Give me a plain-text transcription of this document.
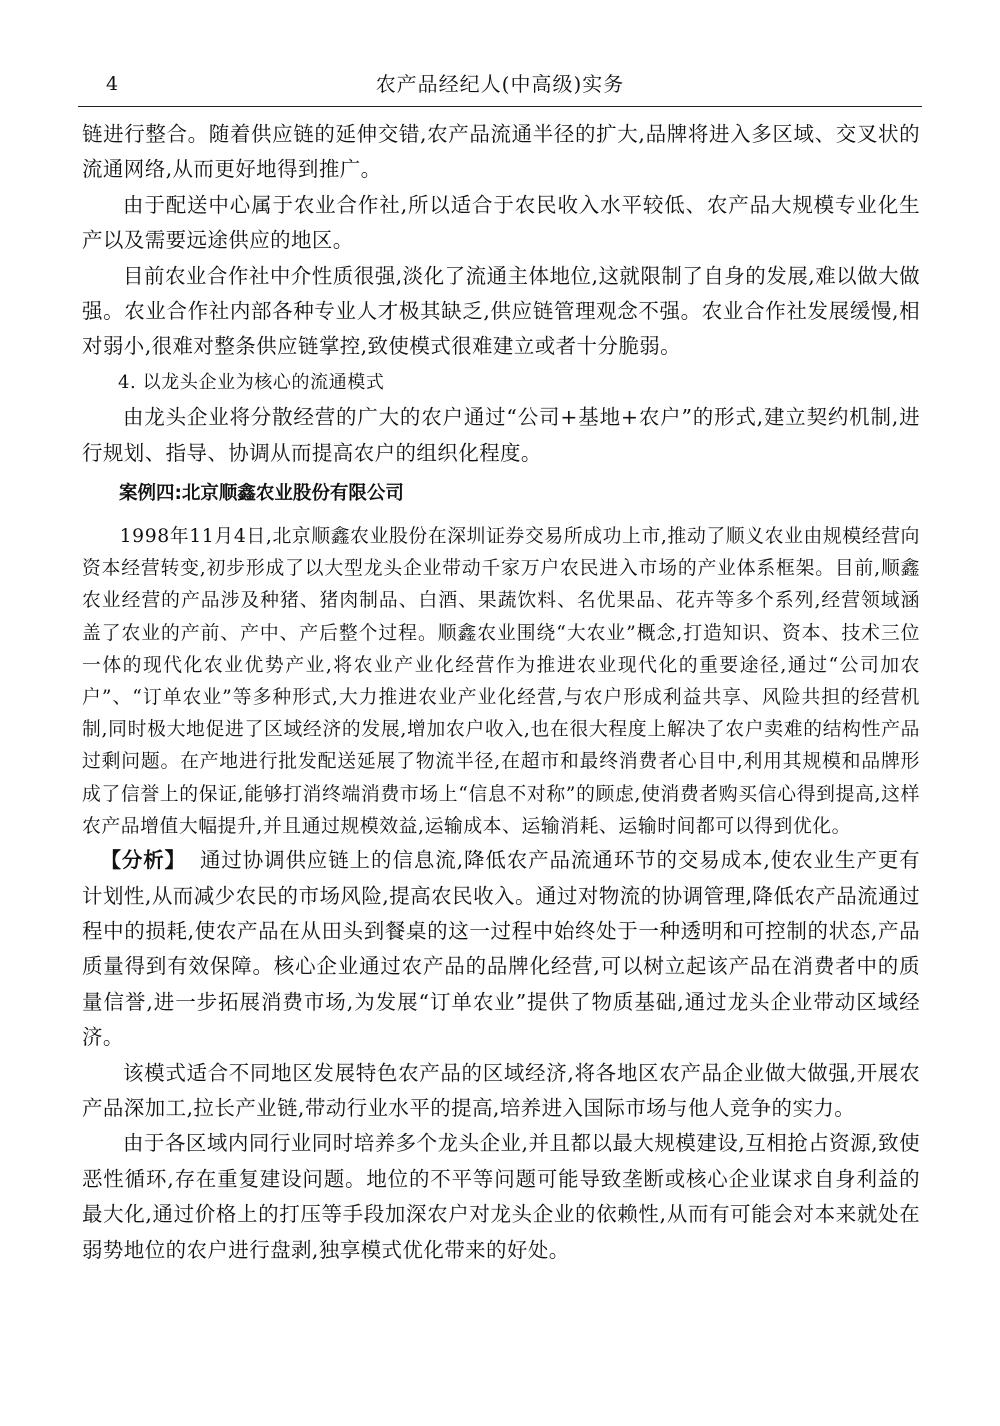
4	农产品经纪人(中高级)实务

链进行整合。随着供应链的延伸交错,农产品流通半径的扩大,品牌将进入多区域、交叉状的流通网络,从而更好地得到推广。

由于配送中心属于农业合作社,所以适合于农民收入水平较低、农产品大规模专业化生产以及需要远途供应的地区。

目前农业合作社中介性质很强,淡化了流通主体地位,这就限制了自身的发展,难以做大做强。农业合作社内部各种专业人才极其缺乏,供应链管理观念不强。农业合作社发展缓慢,相对弱小,很难对整条供应链掌控,致使模式很难建立或者十分脆弱。

4. 以龙头企业为核心的流通模式

由龙头企业将分散经营的广大的农户通过“公司+基地+农户”的形式,建立契约机制,进行规划、指导、协调从而提高农户的组织化程度。

案例四:北京顺鑫农业股份有限公司

1998年11月4日,北京顺鑫农业股份在深圳证券交易所成功上市,推动了顺义农业由规模经营向资本经营转变,初步形成了以大型龙头企业带动千家万户农民进入市场的产业体系框架。目前,顺鑫农业经营的产品涉及种猪、猪肉制品、白酒、果蔬饮料、名优果品、花卉等多个系列,经营领域涵盖了农业的产前、产中、产后整个过程。顺鑫农业围绕“大农业”概念,打造知识、资本、技术三位一体的现代化农业优势产业,将农业产业化经营作为推进农业现代化的重要途径,通过“公司加农户”、“订单农业”等多种形式,大力推进农业产业化经营,与农户形成利益共享、风险共担的经营机制,同时极大地促进了区域经济的发展,增加农户收入,也在很大程度上解决了农户卖难的结构性产品过剩问题。在产地进行批发配送延展了物流半径,在超市和最终消费者心目中,利用其规模和品牌形成了信誉上的保证,能够打消终端消费市场上“信息不对称”的顾虑,使消费者购买信心得到提高,这样农产品增值大幅提升,并且通过规模效益,运输成本、运输消耗、运输时间都可以得到优化。

【分析】 通过协调供应链上的信息流,降低农产品流通环节的交易成本,使农业生产更有计划性,从而减少农民的市场风险,提高农民收入。通过对物流的协调管理,降低农产品流通过程中的损耗,使农产品在从田头到餐桌的这一过程中始终处于一种透明和可控制的状态,产品质量得到有效保障。核心企业通过农产品的品牌化经营,可以树立起该产品在消费者中的质量信誉,进一步拓展消费市场,为发展“订单农业”提供了物质基础,通过龙头企业带动区域经济。

该模式适合不同地区发展特色农产品的区域经济,将各地区农产品企业做大做强,开展农产品深加工,拉长产业链,带动行业水平的提高,培养进入国际市场与他人竞争的实力。

由于各区域内同行业同时培养多个龙头企业,并且都以最大规模建设,互相抢占资源,致使恶性循环,存在重复建设问题。地位的不平等问题可能导致垄断或核心企业谋求自身利益的最大化,通过价格上的打压等手段加深农户对龙头企业的依赖性,从而有可能会对本来就处在弱势地位的农户进行盘剥,独享模式优化带来的好处。
